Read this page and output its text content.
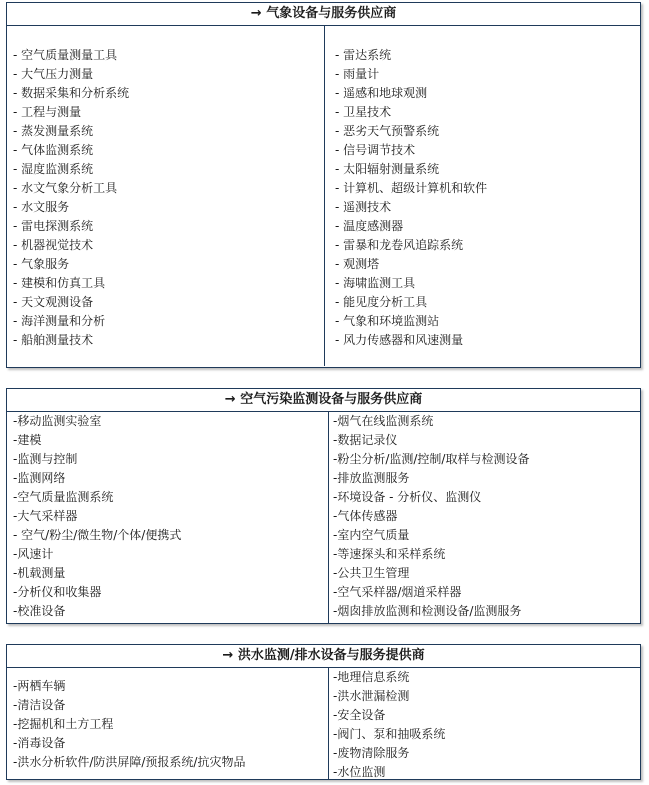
→ 气象设备与服务供应商
- 空气质量测量工具
- 大气压力测量
- 数据采集和分析系统
- 工程与测量
- 蒸发测量系统
- 气体监测系统
- 湿度监测系统
- 水文气象分析工具
- 水文服务
- 雷电探测系统
- 机器视觉技术
- 气象服务
- 建模和仿真工具
- 天文观测设备
- 海洋测量和分析
- 船舶测量技术
- 雷达系统
- 雨量计
- 遥感和地球观测
- 卫星技术
- 恶劣天气预警系统
- 信号调节技术
- 太阳辐射测量系统
- 计算机、超级计算机和软件
- 遥测技术
- 温度感测器
- 雷暴和龙卷风追踪系统
- 观测塔
- 海啸监测工具
- 能见度分析工具
- 气象和环境监测站
- 风力传感器和风速测量
→ 空气污染监测设备与服务供应商
-移动监测实验室
-建模
-监测与控制
-监测网络
-空气质量监测系统
-大气采样器
- 空气/粉尘/微生物/个体/便携式
-风速计
-机载测量
-分析仪和收集器
-校准设备
-烟气在线监测系统
-数据记录仪
-粉尘分析/监测/控制/取样与检测设备
-排放监测服务
-环境设备 - 分析仪、监测仪
-气体传感器
-室内空气质量
-等速探头和采样系统
-公共卫生管理
-空气采样器/烟道采样器
-烟囱排放监测和检测设备/监测服务
→ 洪水监测/排水设备与服务提供商
-两栖车辆
-清洁设备
-挖掘机和土方工程
-消毒设备
-洪水分析软件/防洪屏障/预报系统/抗灾物品
-地理信息系统
-洪水泄漏检测
-安全设备
-阀门、泵和抽吸系统
-废物清除服务
-水位监测
